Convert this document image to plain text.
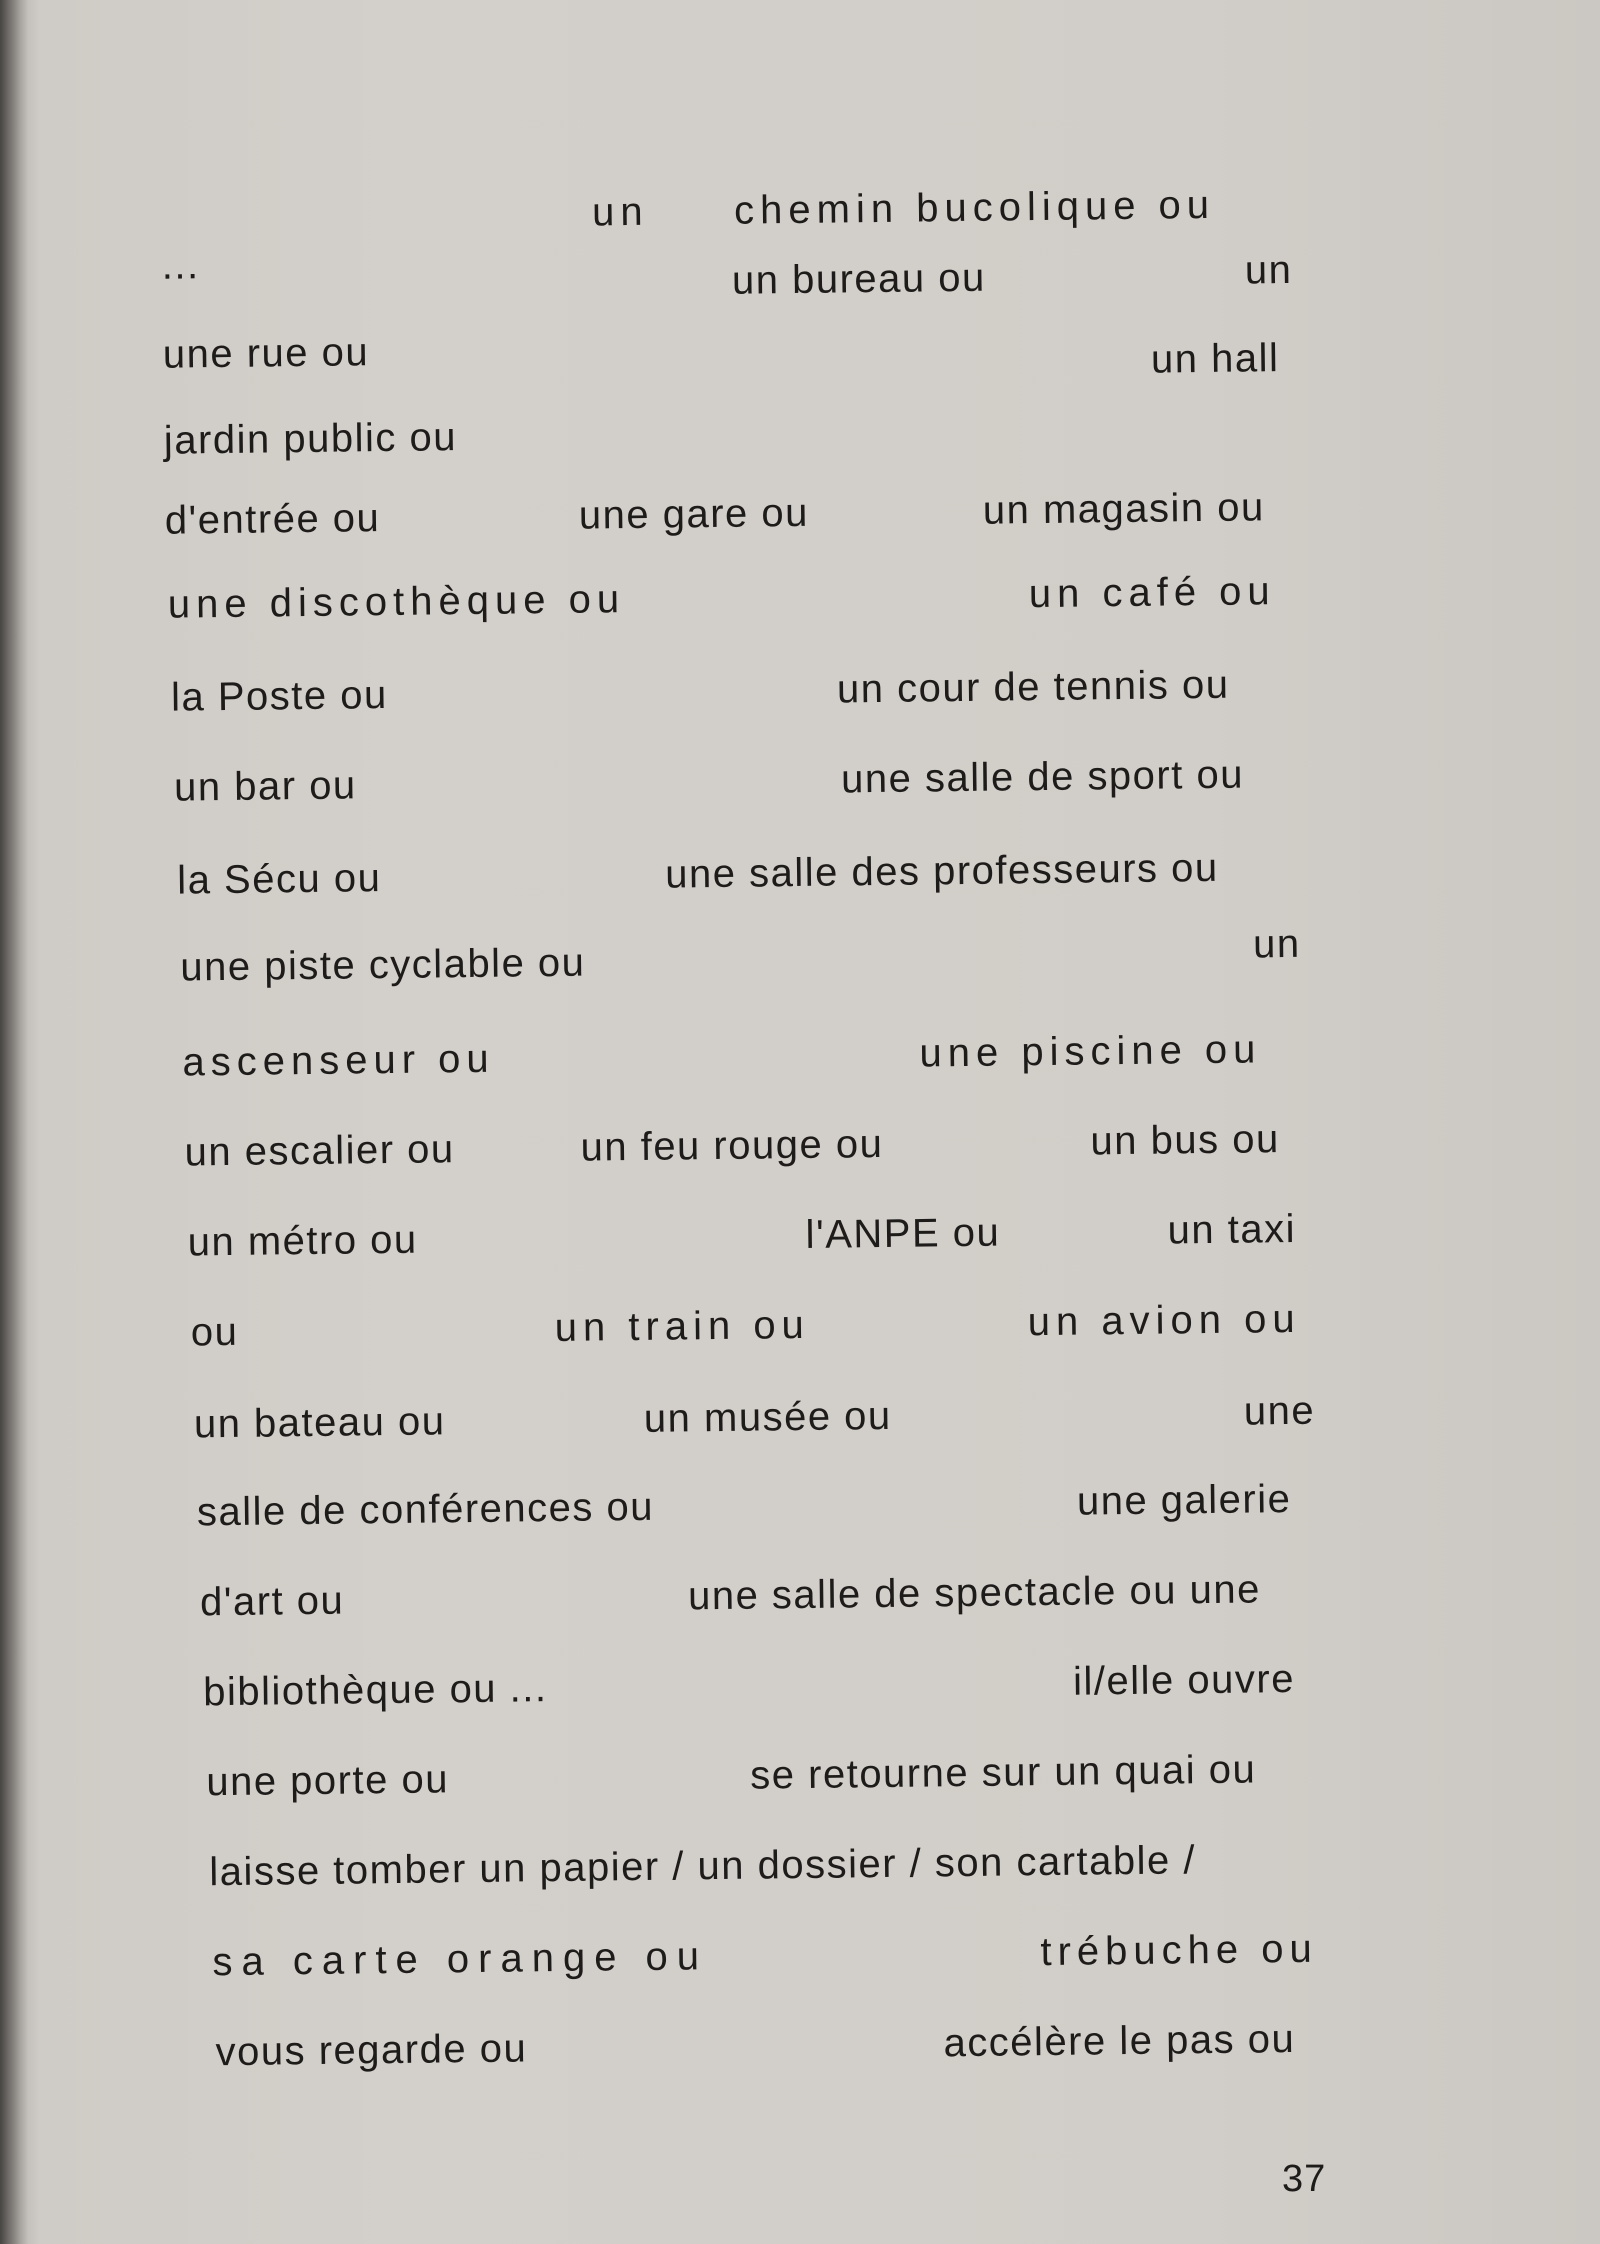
un chemin bucolique ou
...	un bureau ou	un
une rue ou	un hall
jardin public ou
d'entrée ou	une gare ou	un magasin ou
une discothèque ou	un café ou
la Poste ou	un cour de tennis ou
un bar ou	une salle de sport ou
la Sécu ou	une salle des professeurs ou
une piste cyclable ou	un
ascenseur ou	une piscine ou
un escalier ou	un feu rouge ou	un bus ou
un métro ou	l'ANPE ou	un taxi
ou	un train ou	un avion ou
un bateau ou	un musée ou	une
salle de conférences ou	une galerie
d'art ou	une salle de spectacle ou une
bibliothèque ou ...	il/elle ouvre
une porte ou	se retourne sur un quai ou
laisse tomber un papier / un dossier / son cartable /
sa carte orange ou	trébuche ou
vous regarde ou	accélère le pas ou
37
